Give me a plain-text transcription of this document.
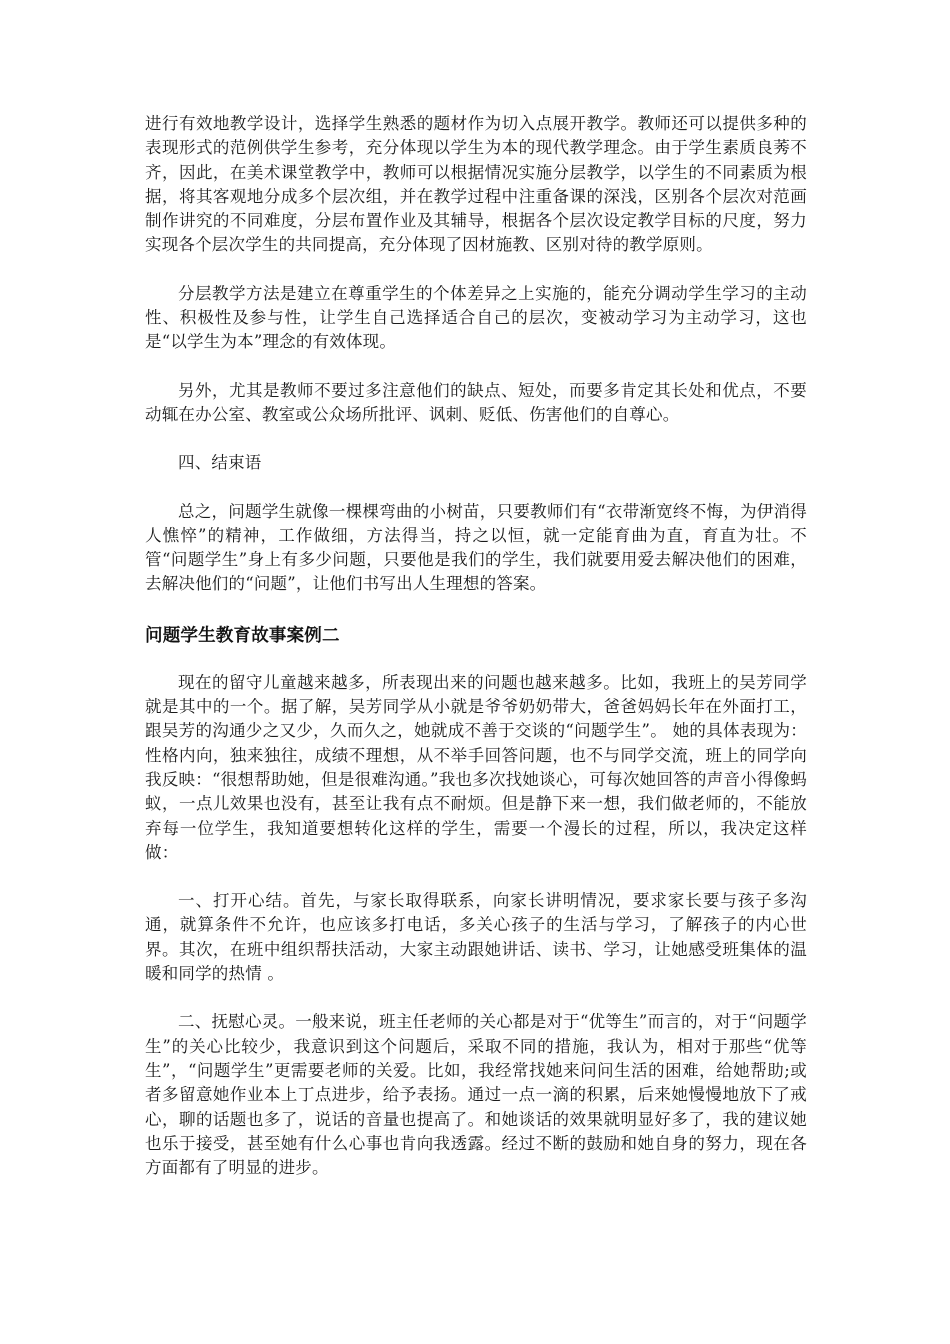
进行有效地教学设计，选择学生熟悉的题材作为切入点展开教学。教师还可以提供多种的表现形式的范例供学生参考，充分体现以学生为本的现代教学理念。由于学生素质良莠不齐，因此，在美术课堂教学中，教师可以根据情况实施分层教学，以学生的不同素质为根据，将其客观地分成多个层次组，并在教学过程中注重备课的深浅，区别各个层次对范画制作讲究的不同难度，分层布置作业及其辅导，根据各个层次设定教学目标的尺度，努力实现各个层次学生的共同提高，充分体现了因材施教、区别对待的教学原则。

分层教学方法是建立在尊重学生的个体差异之上实施的，能充分调动学生学习的主动性、积极性及参与性，让学生自己选择适合自己的层次，变被动学习为主动学习，这也是“以学生为本”理念的有效体现。

另外，尤其是教师不要过多注意他们的缺点、短处，而要多肯定其长处和优点，不要动辄在办公室、教室或公众场所批评、讽刺、贬低、伤害他们的自尊心。

四、结束语

总之，问题学生就像一棵棵弯曲的小树苗，只要教师们有“衣带渐宽终不悔，为伊消得人憔悴”的精神，工作做细，方法得当，持之以恒，就一定能育曲为直，育直为壮。不管“问题学生”身上有多少问题，只要他是我们的学生，我们就要用爱去解决他们的困难，去解决他们的“问题”，让他们书写出人生理想的答案。

问题学生教育故事案例二

现在的留守儿童越来越多，所表现出来的问题也越来越多。比如，我班上的吴芳同学就是其中的一个。据了解，吴芳同学从小就是爷爷奶奶带大，爸爸妈妈长年在外面打工，跟吴芳的沟通少之又少，久而久之，她就成不善于交谈的“问题学生”。 她的具体表现为：性格内向，独来独往，成绩不理想，从不举手回答问题，也不与同学交流，班上的同学向我反映：“很想帮助她，但是很难沟通。”我也多次找她谈心，可每次她回答的声音小得像蚂蚁，一点儿效果也没有，甚至让我有点不耐烦。但是静下来一想，我们做老师的，不能放弃每一位学生，我知道要想转化这样的学生，需要一个漫长的过程，所以，我决定这样做：

一、打开心结。首先，与家长取得联系，向家长讲明情况，要求家长要与孩子多沟通，就算条件不允许，也应该多打电话，多关心孩子的生活与学习，了解孩子的内心世界。其次，在班中组织帮扶活动，大家主动跟她讲话、读书、学习，让她感受班集体的温暖和同学的热情 。

二、抚慰心灵。一般来说，班主任老师的关心都是对于“优等生”而言的，对于“问题学生”的关心比较少，我意识到这个问题后，采取不同的措施，我认为，相对于那些“优等生”，“问题学生”更需要老师的关爱。比如，我经常找她来问问生活的困难，给她帮助;或者多留意她作业本上丁点进步，给予表扬。通过一点一滴的积累，后来她慢慢地放下了戒心，聊的话题也多了，说话的音量也提高了。和她谈话的效果就明显好多了，我的建议她也乐于接受，甚至她有什么心事也肯向我透露。经过不断的鼓励和她自身的努力，现在各方面都有了明显的进步。
